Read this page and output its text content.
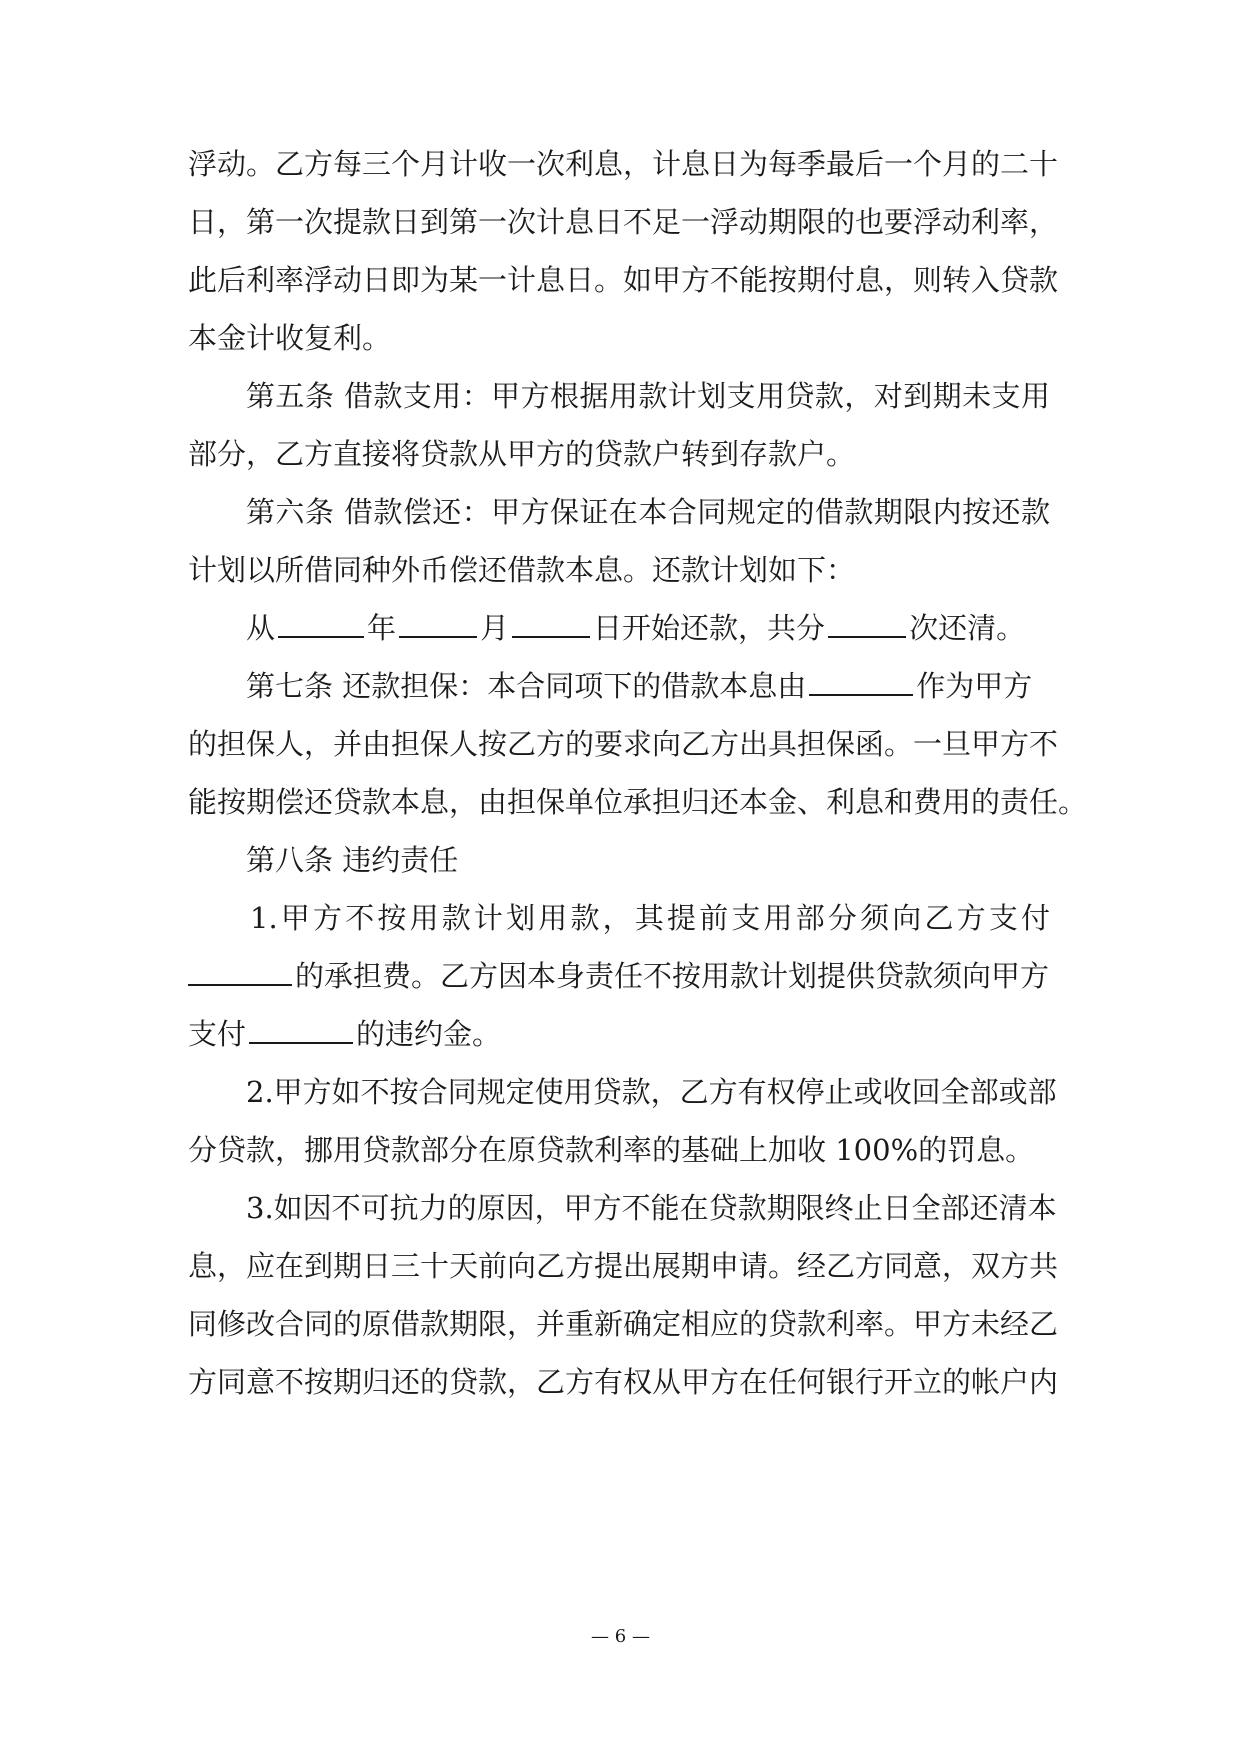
浮动。乙方每三个月计收一次利息，计息日为每季最后一个月的二十
日，第一次提款日到第一次计息日不足一浮动期限的也要浮动利率，
此后利率浮动日即为某一计息日。如甲方不能按期付息，则转入贷款
本金计收复利。
第五条 借款支用：甲方根据用款计划支用贷款，对到期未支用
部分，乙方直接将贷款从甲方的贷款户转到存款户。
第六条 借款偿还：甲方保证在本合同规定的借款期限内按还款
计划以所借同种外币偿还借款本息。还款计划如下：
从	年	月	日开始还款，共分	次还清。
第七条 还款担保：本合同项下的借款本息由	作为甲方
的担保人，并由担保人按乙方的要求向乙方出具担保函。一旦甲方不
能按期偿还贷款本息，由担保单位承担归还本金、利息和费用的责任。
第八条 违约责任
1.甲方不按用款计划用款，其提前支用部分须向乙方支付
的承担费。乙方因本身责任不按用款计划提供贷款须向甲方
支付	的违约金。
2.甲方如不按合同规定使用贷款，乙方有权停止或收回全部或部
分贷款，挪用贷款部分在原贷款利率的基础上加收 100%的罚息。
3.如因不可抗力的原因，甲方不能在贷款期限终止日全部还清本
息，应在到期日三十天前向乙方提出展期申请。经乙方同意，双方共
同修改合同的原借款期限，并重新确定相应的贷款利率。甲方未经乙
方同意不按期归还的贷款，乙方有权从甲方在任何银行开立的帐户内
— 6 —
